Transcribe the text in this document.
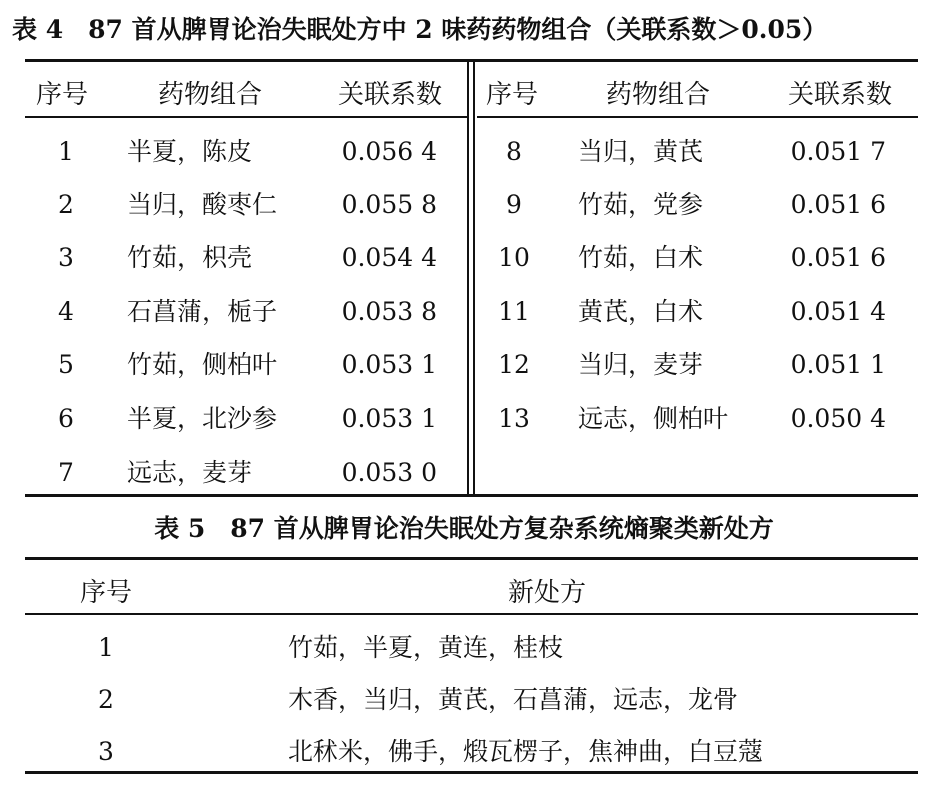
表 4　87 首从脾胃论治失眠处方中 2 味药药物组合（关联系数＞0.05）
序号	药物组合	关联系数 序号	药物组合	关联系数
1	半夏，陈皮	0.056 4
2	当归，酸枣仁	0.055 8
3	竹茹，枳壳	0.054 4
4	石菖蒲，栀子	0.053 8
5	竹茹，侧柏叶	0.053 1
6	半夏，北沙参	0.053 1
7	远志，麦芽	0.053 0
8	当归，黄芪	0.051 7
9	竹茹，党参	0.051 6
10	竹茹，白术	0.051 6
11	黄芪，白术	0.051 4
12	当归，麦芽	0.051 1
13	远志，侧柏叶	0.050 4
表 5　87 首从脾胃论治失眠处方复杂系统熵聚类新处方
序号	新处方
1	竹茹，半夏，黄连，桂枝
2	木香，当归，黄芪，石菖蒲，远志，龙骨
3	北秫米，佛手，煅瓦楞子，焦神曲，白豆蔻
